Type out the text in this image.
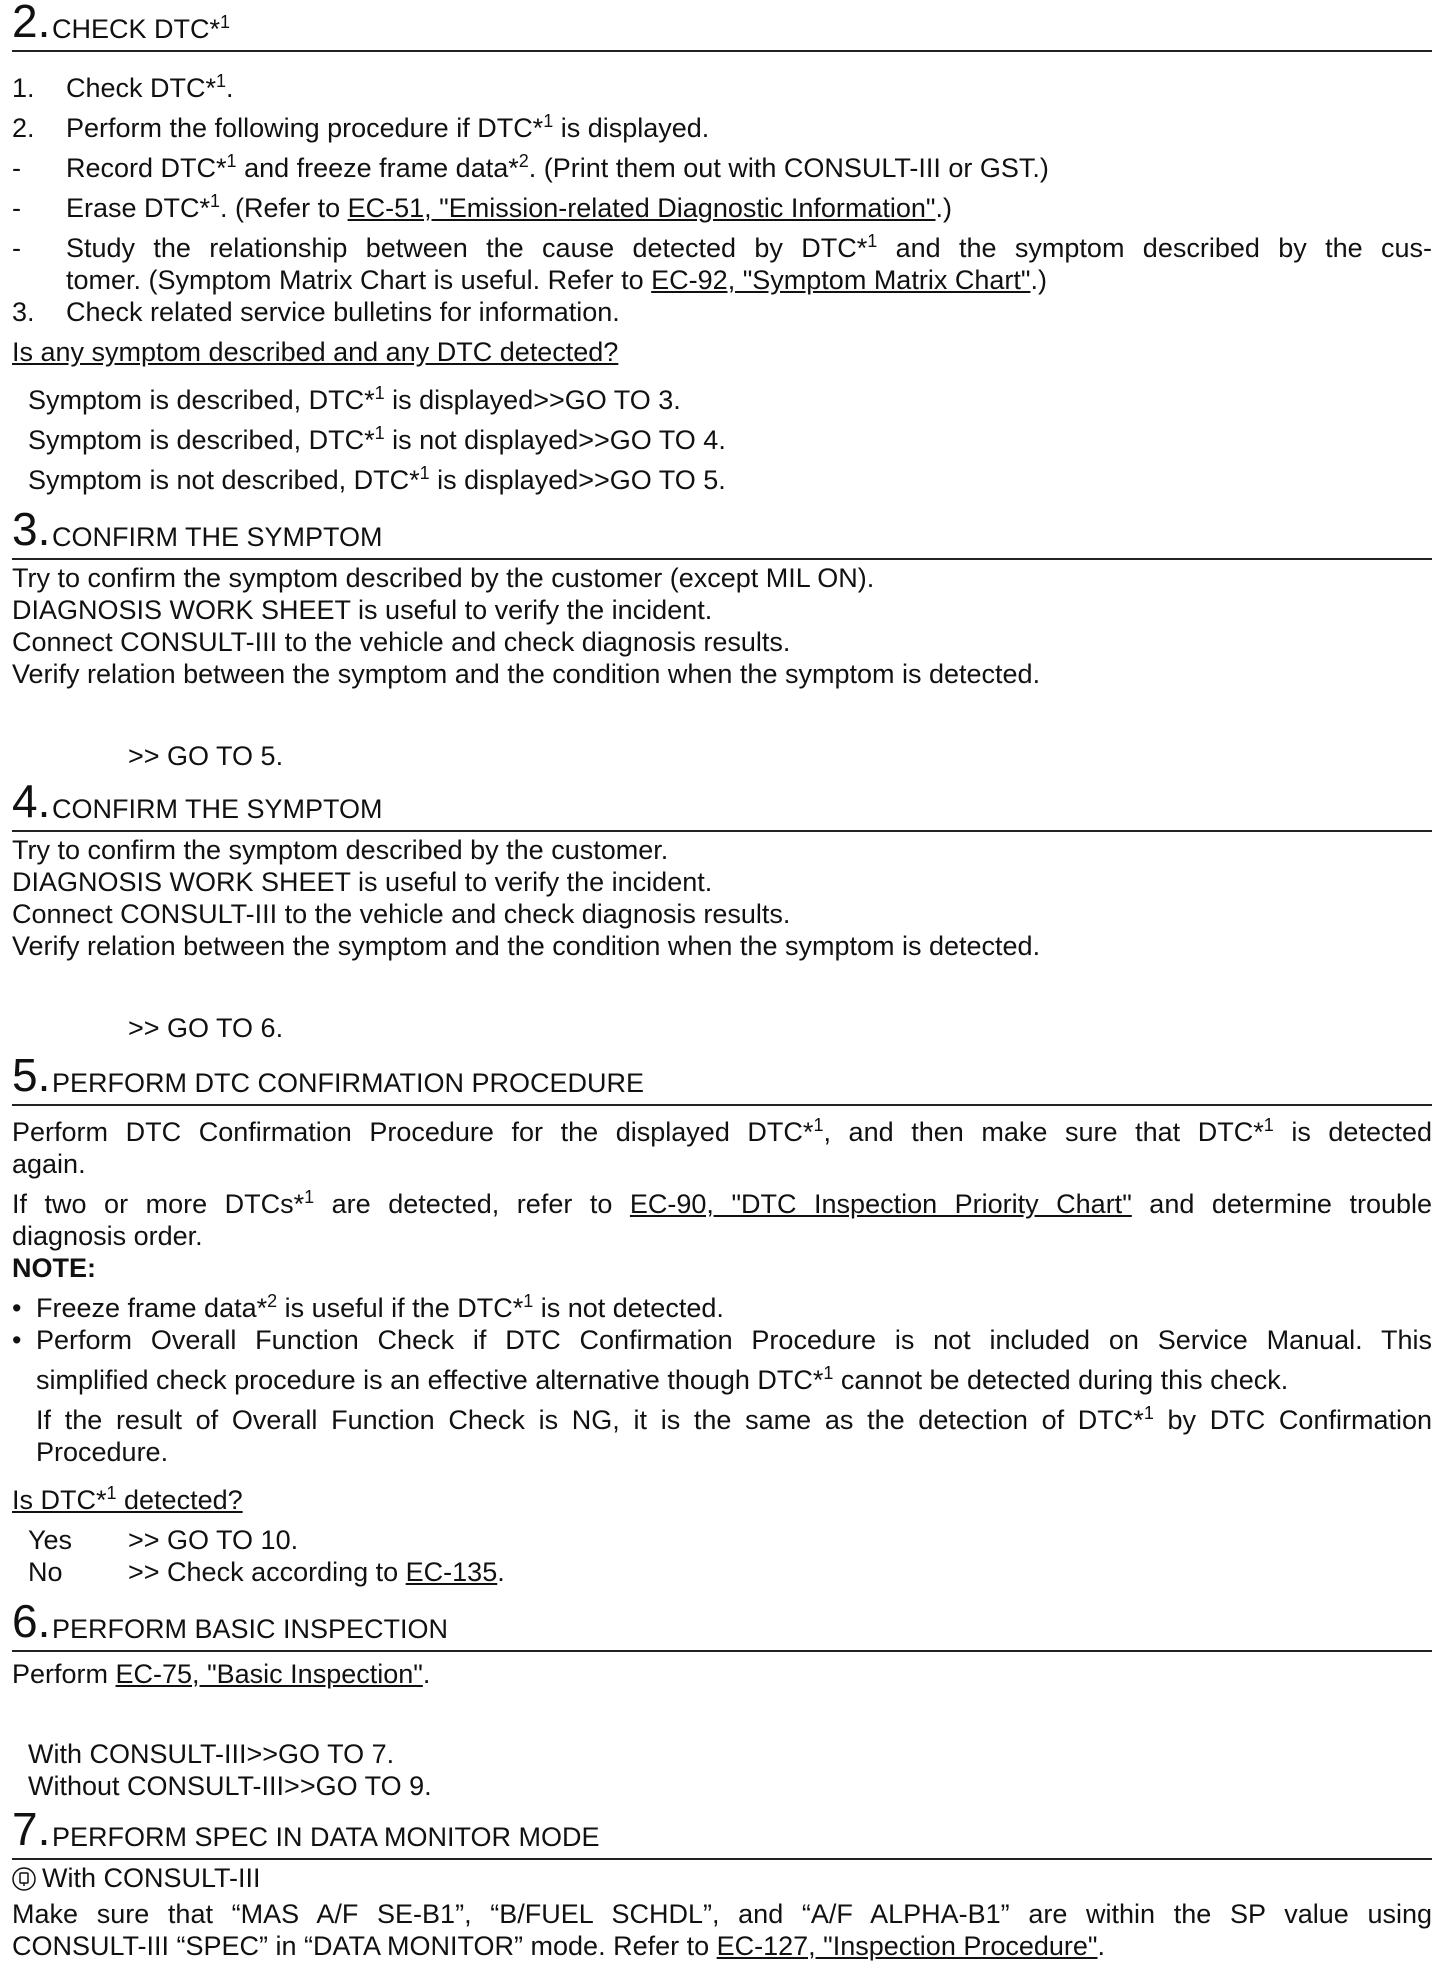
2. CHECK DTC*$^1$
1. Check DTC*$^1$.
2. Perform the following procedure if DTC*$^1$ is displayed.
- Record DTC*$^1$ and freeze frame data*$^2$. (Print them out with CONSULT-III or GST.)
- Erase DTC*$^1$. (Refer to EC-51, "Emission-related Diagnostic Information".)
- Study the relationship between the cause detected by DTC*$^1$ and the symptom described by the cus-
tomer. (Symptom Matrix Chart is useful. Refer to EC-92, "Symptom Matrix Chart".)
3. Check related service bulletins for information.
Is any symptom described and any DTC detected?
Symptom is described, DTC*$^1$ is displayed>>GO TO 3.
Symptom is described, DTC*$^1$ is not displayed>>GO TO 4.
Symptom is not described, DTC*$^1$ is displayed>>GO TO 5.
3. CONFIRM THE SYMPTOM
Try to confirm the symptom described by the customer (except MIL ON).
DIAGNOSIS WORK SHEET is useful to verify the incident.
Connect CONSULT-III to the vehicle and check diagnosis results.
Verify relation between the symptom and the condition when the symptom is detected.
>> GO TO 5.
4. CONFIRM THE SYMPTOM
Try to confirm the symptom described by the customer.
DIAGNOSIS WORK SHEET is useful to verify the incident.
Connect CONSULT-III to the vehicle and check diagnosis results.
Verify relation between the symptom and the condition when the symptom is detected.
>> GO TO 6.
5. PERFORM DTC CONFIRMATION PROCEDURE
Perform DTC Confirmation Procedure for the displayed DTC*$^1$, and then make sure that DTC*$^1$ is detected
again.
If two or more DTCs*$^1$ are detected, refer to EC-90, "DTC Inspection Priority Chart" and determine trouble
diagnosis order.
NOTE:
• Freeze frame data*$^2$ is useful if the DTC*$^1$ is not detected.
• Perform Overall Function Check if DTC Confirmation Procedure is not included on Service Manual. This
simplified check procedure is an effective alternative though DTC*$^1$ cannot be detected during this check.
If the result of Overall Function Check is NG, it is the same as the detection of DTC*$^1$ by DTC Confirmation
Procedure.
Is DTC*$^1$ detected?
Yes >> GO TO 10.
No >> Check according to EC-135.
6. PERFORM BASIC INSPECTION
Perform EC-75, "Basic Inspection".
With CONSULT-III>>GO TO 7.
Without CONSULT-III>>GO TO 9.
7. PERFORM SPEC IN DATA MONITOR MODE
With CONSULT-III
Make sure that “MAS A/F SE-B1”, “B/FUEL SCHDL”, and “A/F ALPHA-B1” are within the SP value using
CONSULT-III “SPEC” in “DATA MONITOR” mode. Refer to EC-127, "Inspection Procedure".
